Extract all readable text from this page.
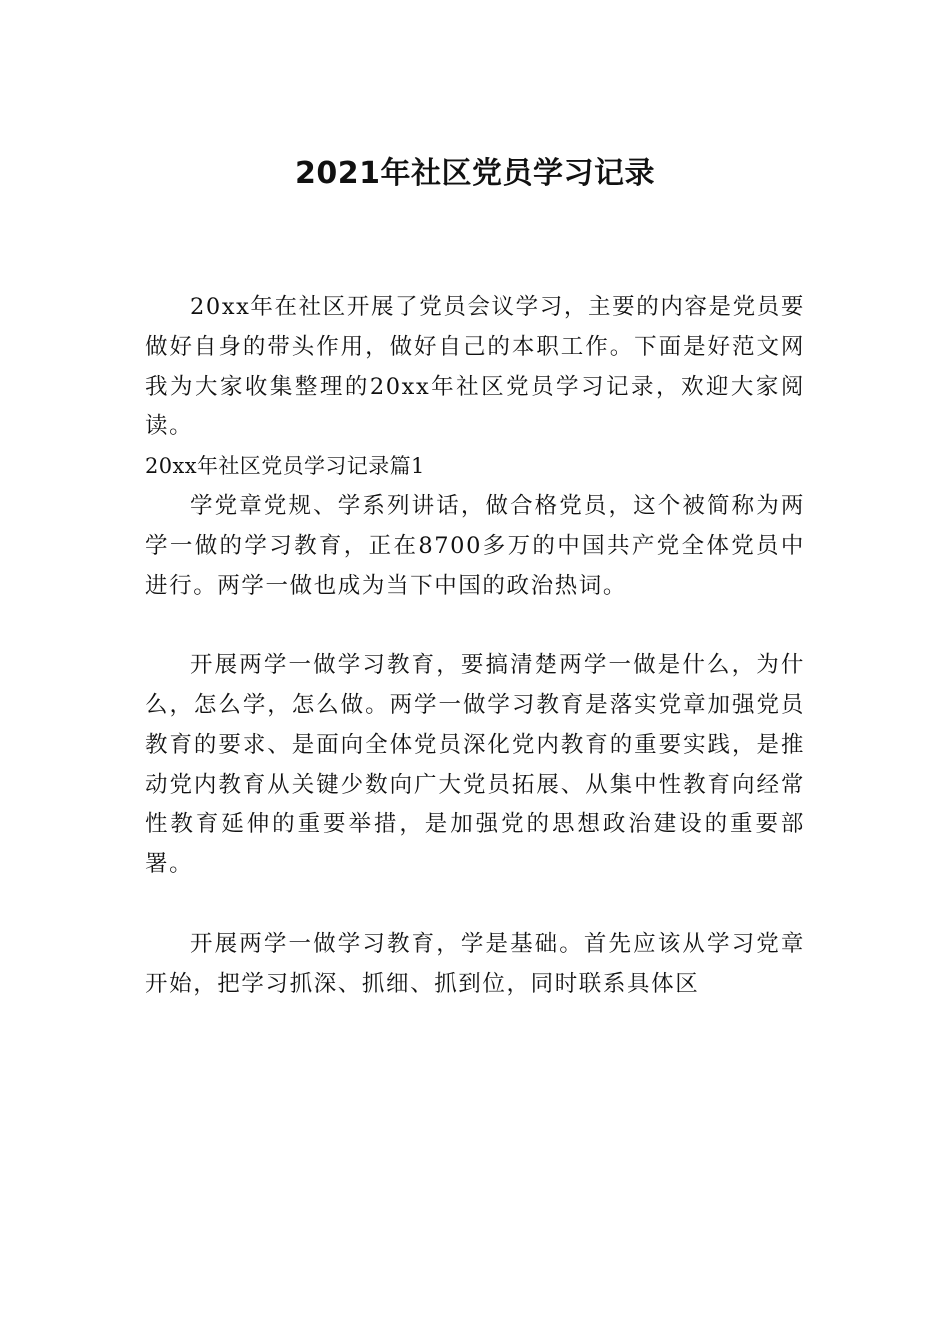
2021年社区党员学习记录

20xx年在社区开展了党员会议学习，主要的内容是党员要做好自身的带头作用，做好自己的本职工作。下面是好范文网我为大家收集整理的20xx年社区党员学习记录，欢迎大家阅读。

20xx年社区党员学习记录篇1

学党章党规、学系列讲话，做合格党员，这个被简称为两学一做的学习教育，正在8700多万的中国共产党全体党员中进行。两学一做也成为当下中国的政治热词。

开展两学一做学习教育，要搞清楚两学一做是什么，为什么，怎么学，怎么做。两学一做学习教育是落实党章加强党员教育的要求、是面向全体党员深化党内教育的重要实践，是推动党内教育从关键少数向广大党员拓展、从集中性教育向经常性教育延伸的重要举措，是加强党的思想政治建设的重要部署。

开展两学一做学习教育，学是基础。首先应该从学习党章开始，把学习抓深、抓细、抓到位，同时联系具体区
